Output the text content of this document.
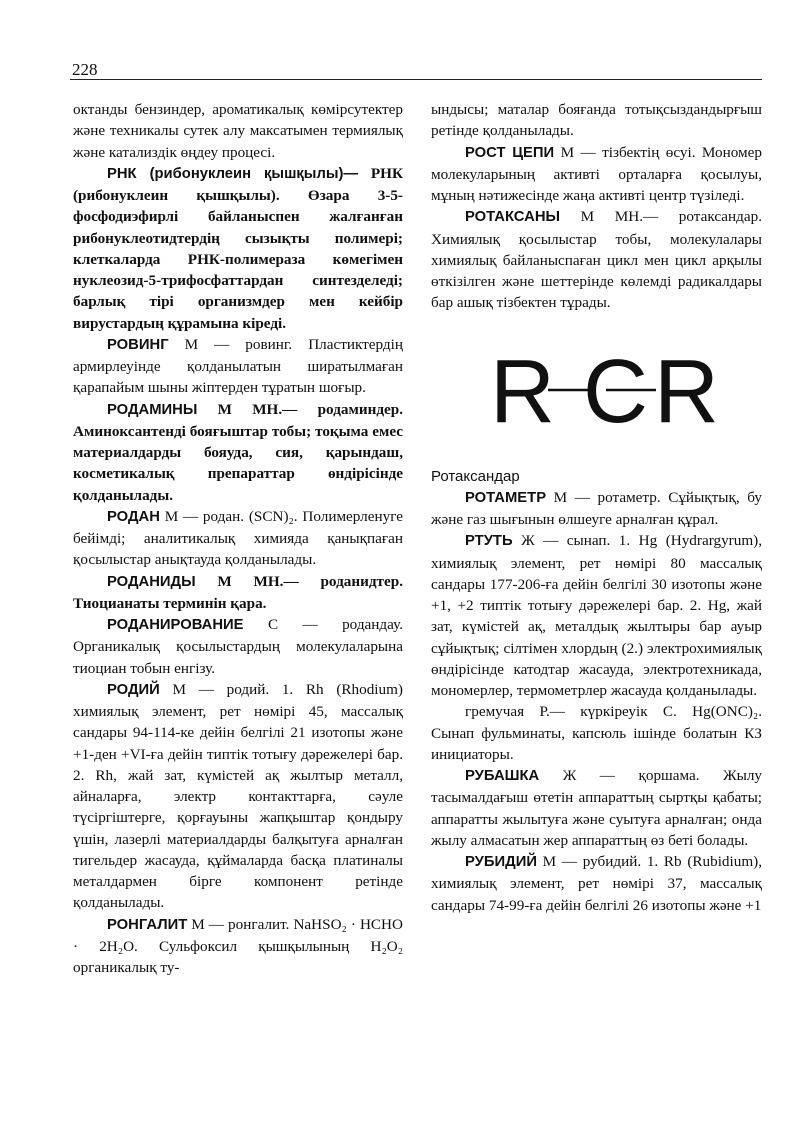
228

октанды бензиндер, ароматикалық көмірсутектер және техникалы сутек алу максатымен термиялық және катализдік өңдеу процесі.

РНК (рибонуклеин қышқылы)— РНК (рибонуклеин қышқылы). Өзара 3-5-фосфодиэфирлі байланыспен жалғанған рибонуклеотидтердің сызықты полимері; клеткаларда РНК-полимераза көмегімен нуклеозид-5-трифосфаттардан синтезделеді; барлық тірі организмдер мен кейбір вирустардың құрамына кіреді.

РОВИНГ М — ровинг. Пластиктердің армирлеуінде қолданылатын ширатылмаған қарапайым шыны жіптерден тұратын шоғыр.

РОДАМИНЫ М МН.— родаминдер. Аминоксантенді бояғыштар тобы; тоқыма емес материалдарды бояуда, сия, қарындаш, косметикалық препараттар өндірісінде қолданылады.

РОДАН М — родан. (SCN)₂. Полимерленуге бейімді; аналитикалық химияда қанықпаған қосылыстар анықтауда қолданылады.

РОДАНИДЫ М МН.— роданидтер. Тиоцианаты терминін қара.

РОДАНИРОВАНИЕ С — родандау. Органикалық қосылыстардың молекулаларына тиоциан тобын енгізу.

РОДИЙ М — родий. 1. Rh (Rhodium) химиялық элемент, рет нөмірі 45, массалық сандары 94-114-ке дейін белгілі 21 изотопы және +1-ден +VI-ға дейін типтік тотығу дәрежелері бар. 2. Rh, жай зат, күмістей ақ жылтыр металл, айналарға, электр контакттарға, сәуле түсіргіштерге, қорғауыны жапқыштар қондыру үшін, лазерлі материалдарды балқытуға арналған тигельдер жасауда, құймаларда басқа платиналы металдармен бірге компонент ретінде қолданылады.

РОНГАЛИТ М — ронгалит. NaHSO₂ · HCHO · 2H₂O. Сульфоксил қышқылының H₂O₂ органикалық ту-

ындысы; маталар бояғанда тотықсыздандырғыш ретінде қолданылады.

РОСТ ЦЕПИ М — тізбектің өсуі. Мономер молекуларының активті орталарға қосылуы, мұның нәтижесінде жаңа активті центр түзіледі.

РОТАКСАНЫ М МН.— ротаксандар. Химиялық қосылыстар тобы, молекулалары химиялық байланыспаған цикл мен цикл арқылы өткізілген және шеттерінде көлемді радикалдары бар ашық тізбектен тұрады.

R C R

Ротаксандар

РОТАМЕТР М — ротаметр. Сұйықтық, бу және газ шығынын өлшеуге арналған құрал.

РТУТЬ Ж — сынап. 1. Hg (Hydrargyrum), химиялық элемент, рет нөмірі 80 массалық сандары 177-206-ға дейін белгілі 30 изотопы және +1, +2 типтік тотығу дәрежелері бар. 2. Hg, жай зат, күмістей ақ, металдық жылтыры бар ауыр сұйықтық; сілтімен хлордың (2.) электрохимиялық өндірісінде катодтар жасауда, электротехникада, мономерлер, термометрлер жасауда қолданылады.

гремучая Р.— күркіреуік С. Hg(ONC)₂. Сынап фульминаты, капсюль ішінде болатын КЗ инициаторы.

РУБАШКА Ж — қоршама. Жылу тасымалдағыш өтетін аппараттың сыртқы қабаты; аппаратты жылытуға және суытуға арналған; онда жылу алмасатын жер аппараттың өз беті болады.

РУБИДИЙ М — рубидий. 1. Rb (Rubidium), химиялық элемент, рет нөмірі 37, массалық сандары 74-99-ға дейін белгілі 26 изотопы және +1
